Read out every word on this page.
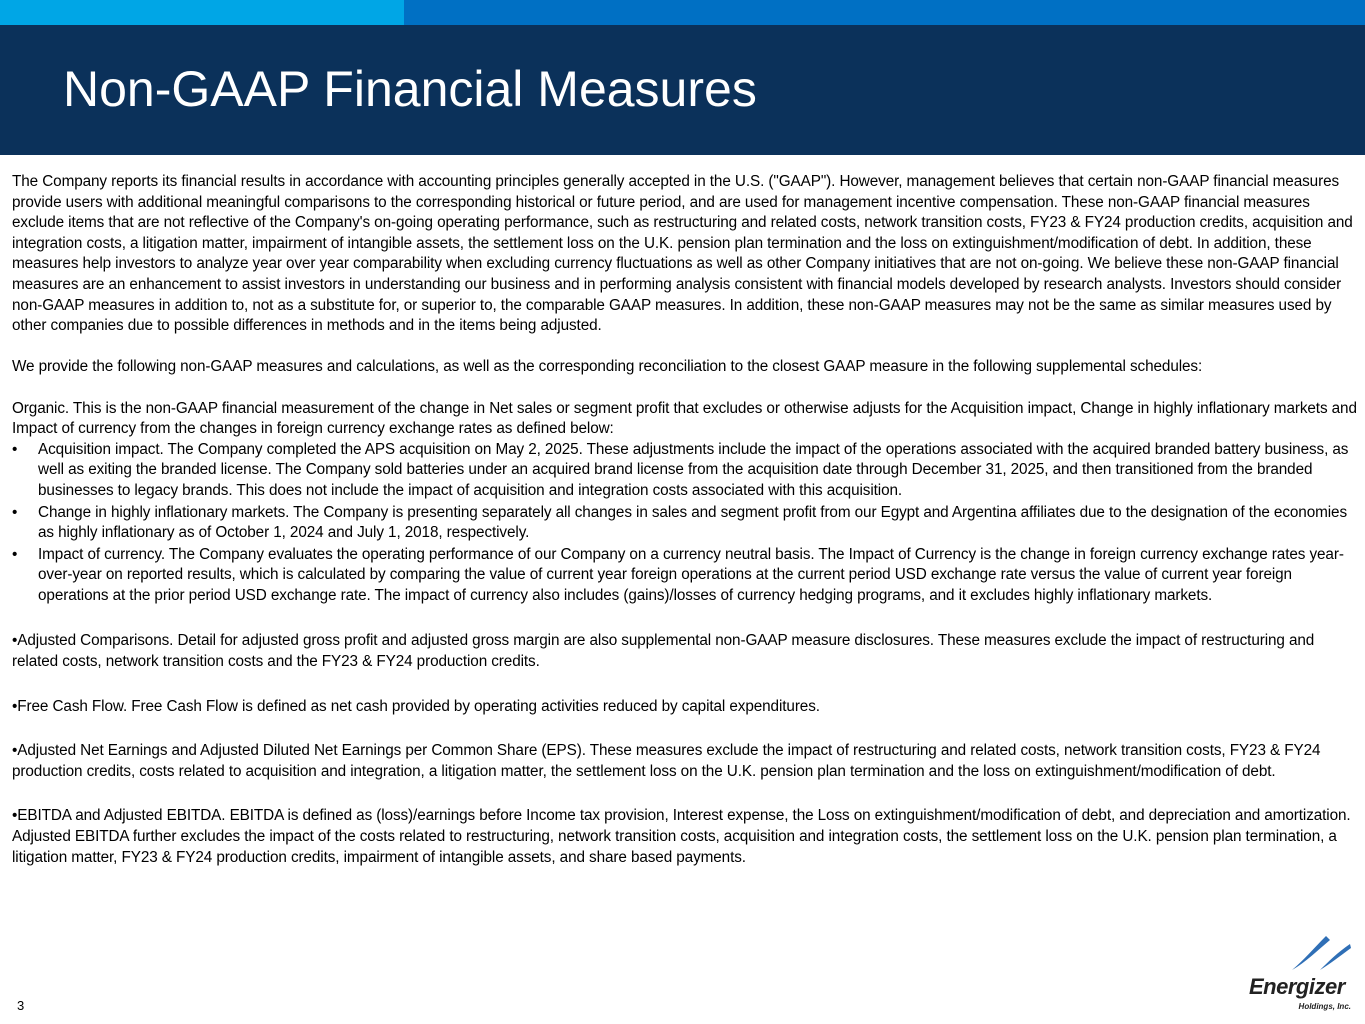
Non-GAAP Financial Measures

The Company reports its financial results in accordance with accounting principles generally accepted in the U.S. ("GAAP"). However, management believes that certain non-GAAP financial measures provide users with additional meaningful comparisons to the corresponding historical or future period, and are used for management incentive compensation. These non-GAAP financial measures exclude items that are not reflective of the Company's on-going operating performance, such as restructuring and related costs, network transition costs, FY23 & FY24 production credits, acquisition and integration costs, a litigation matter, impairment of intangible assets, the settlement loss on the U.K. pension plan termination and the loss on extinguishment/modification of debt. In addition, these measures help investors to analyze year over year comparability when excluding currency fluctuations as well as other Company initiatives that are not on-going. We believe these non-GAAP financial measures are an enhancement to assist investors in understanding our business and in performing analysis consistent with financial models developed by research analysts. Investors should consider non-GAAP measures in addition to, not as a substitute for, or superior to, the comparable GAAP measures. In addition, these non-GAAP measures may not be the same as similar measures used by other companies due to possible differences in methods and in the items being adjusted.

We provide the following non-GAAP measures and calculations, as well as the corresponding reconciliation to the closest GAAP measure in the following supplemental schedules:

Organic. This is the non-GAAP financial measurement of the change in Net sales or segment profit that excludes or otherwise adjusts for the Acquisition impact, Change in highly inflationary markets and Impact of currency from the changes in foreign currency exchange rates as defined below:

• Acquisition impact. The Company completed the APS acquisition on May 2, 2025. These adjustments include the impact of the operations associated with the acquired branded battery business, as well as exiting the branded license. The Company sold batteries under an acquired brand license from the acquisition date through December 31, 2025, and then transitioned from the branded businesses to legacy brands. This does not include the impact of acquisition and integration costs associated with this acquisition.
• Change in highly inflationary markets. The Company is presenting separately all changes in sales and segment profit from our Egypt and Argentina affiliates due to the designation of the economies as highly inflationary as of October 1, 2024 and July 1, 2018, respectively.
• Impact of currency. The Company evaluates the operating performance of our Company on a currency neutral basis. The Impact of Currency is the change in foreign currency exchange rates year-over-year on reported results, which is calculated by comparing the value of current year foreign operations at the current period USD exchange rate versus the value of current year foreign operations at the prior period USD exchange rate. The impact of currency also includes (gains)/losses of currency hedging programs, and it excludes highly inflationary markets.

•Adjusted Comparisons. Detail for adjusted gross profit and adjusted gross margin are also supplemental non-GAAP measure disclosures. These measures exclude the impact of restructuring and related costs, network transition costs and the FY23 & FY24 production credits.

•Free Cash Flow. Free Cash Flow is defined as net cash provided by operating activities reduced by capital expenditures.

•Adjusted Net Earnings and Adjusted Diluted Net Earnings per Common Share (EPS). These measures exclude the impact of restructuring and related costs, network transition costs, FY23 & FY24 production credits, costs related to acquisition and integration, a litigation matter, the settlement loss on the U.K. pension plan termination and the loss on extinguishment/modification of debt.

•EBITDA and Adjusted EBITDA. EBITDA is defined as (loss)/earnings before Income tax provision, Interest expense, the Loss on extinguishment/modification of debt, and depreciation and amortization. Adjusted EBITDA further excludes the impact of the costs related to restructuring, network transition costs, acquisition and integration costs, the settlement loss on the U.K. pension plan termination, a litigation matter, FY23 & FY24 production credits, impairment of intangible assets, and share based payments.

3
Energizer
Holdings, Inc.
